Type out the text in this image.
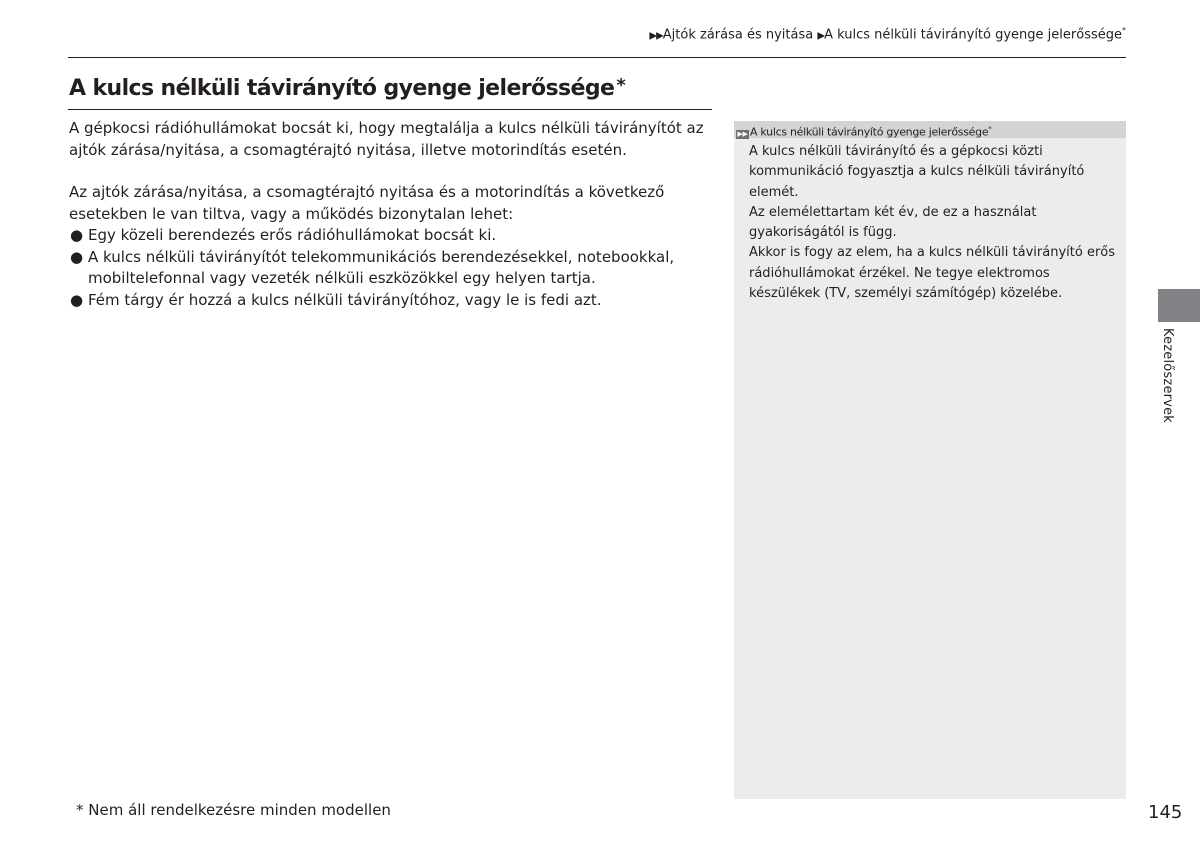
▶▶Ajtók zárása és nyitása ▶A kulcs nélküli távirányító gyenge jelerőssége*
A kulcs nélküli távirányító gyenge jelerőssége *

A gépkocsi rádióhullámokat bocsát ki, hogy megtalálja a kulcs nélküli távirányítót az ajtók zárása/nyitása, a csomagtérajtó nyitása, illetve motorindítás esetén.

Az ajtók zárása/nyitása, a csomagtérajtó nyitása és a motorindítás a következő esetekben le van tiltva, vagy a működés bizonytalan lehet:

● Egy közeli berendezés erős rádióhullámokat bocsát ki.
● A kulcs nélküli távirányítót telekommunikációs berendezésekkel, notebookkal, mobiltelefonnal vagy vezeték nélküli eszközökkel egy helyen tartja.
● Fém tárgy ér hozzá a kulcs nélküli távirányítóhoz, vagy le is fedi azt.
▶▶ A kulcs nélküli távirányító gyenge jelerőssége*

A kulcs nélküli távirányító és a gépkocsi közti kommunikáció fogyasztja a kulcs nélküli távirányító elemét.

Az elemélettartam két év, de ez a használat gyakoriságától is függ.

Akkor is fogy az elem, ha a kulcs nélküli távirányító erős rádióhullámokat érzékel. Ne tegye elektromos készülékek (TV, személyi számítógép) közelébe.

Kezelőszervek
* Nem áll rendelkezésre minden modellen	145
